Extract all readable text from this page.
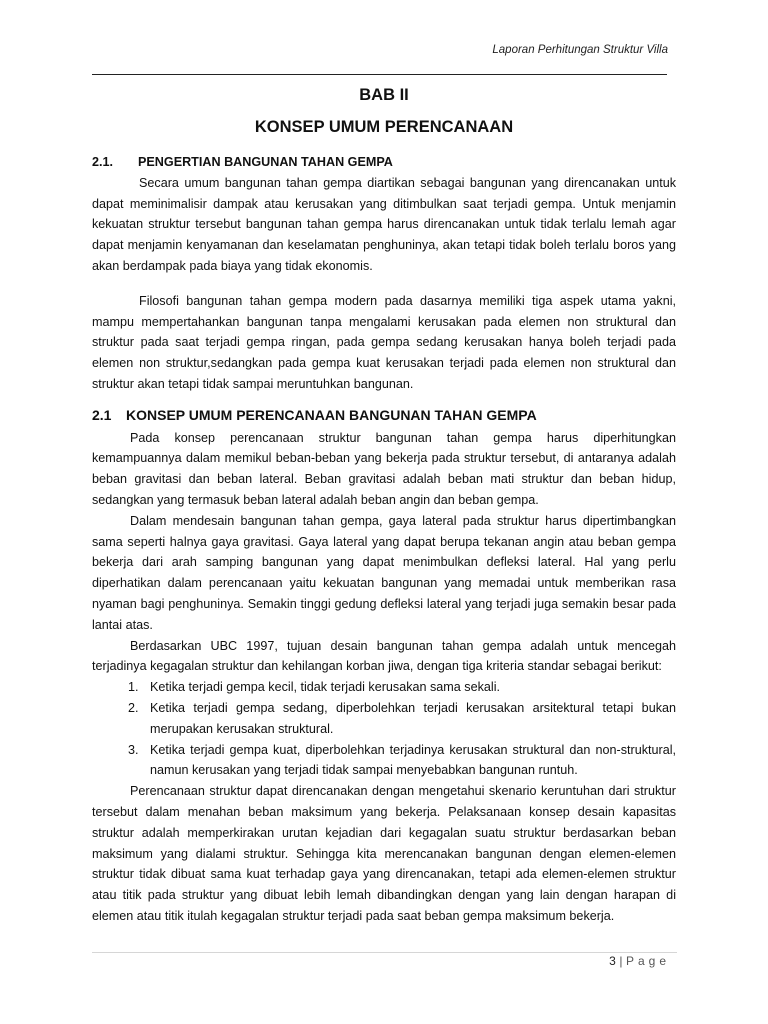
Laporan Perhitungan Struktur Villa
BAB II
KONSEP UMUM PERENCANAAN
2.1.	PENGERTIAN BANGUNAN TAHAN GEMPA

Secara umum bangunan tahan gempa diartikan sebagai bangunan yang direncanakan untuk dapat meminimalisir dampak atau kerusakan yang ditimbulkan saat terjadi gempa. Untuk menjamin kekuatan struktur tersebut bangunan tahan gempa harus direncanakan untuk tidak terlalu lemah agar dapat menjamin kenyamanan dan keselamatan penghuninya, akan tetapi tidak boleh terlalu boros yang akan berdampak pada biaya yang tidak ekonomis.

Filosofi bangunan tahan gempa modern pada dasarnya memiliki tiga aspek utama yakni, mampu mempertahankan bangunan tanpa mengalami kerusakan pada elemen non struktural dan struktur pada saat terjadi gempa ringan, pada gempa sedang kerusakan hanya boleh terjadi pada elemen non struktur,sedangkan pada gempa kuat kerusakan terjadi pada elemen non struktural dan struktur akan tetapi tidak sampai meruntuhkan bangunan.

2.1	KONSEP UMUM PERENCANAAN BANGUNAN TAHAN GEMPA

Pada konsep perencanaan struktur bangunan tahan gempa harus diperhitungkan kemampuannya dalam memikul beban-beban yang bekerja pada struktur tersebut, di antaranya adalah beban gravitasi dan beban lateral. Beban gravitasi adalah beban mati struktur dan beban hidup, sedangkan yang termasuk beban lateral adalah beban angin dan beban gempa.

Dalam mendesain bangunan tahan gempa, gaya lateral pada struktur harus dipertimbangkan sama seperti halnya gaya gravitasi. Gaya lateral yang dapat berupa tekanan angin atau beban gempa bekerja dari arah samping bangunan yang dapat menimbulkan defleksi lateral. Hal yang perlu diperhatikan dalam perencanaan yaitu kekuatan bangunan yang memadai untuk memberikan rasa nyaman bagi penghuninya. Semakin tinggi gedung defleksi lateral yang terjadi juga semakin besar pada lantai atas.

Berdasarkan UBC 1997, tujuan desain bangunan tahan gempa adalah untuk mencegah terjadinya kegagalan struktur dan kehilangan korban jiwa, dengan tiga kriteria standar sebagai berikut:

1. Ketika terjadi gempa kecil, tidak terjadi kerusakan sama sekali.
2. Ketika terjadi gempa sedang, diperbolehkan terjadi kerusakan arsitektural tetapi bukan merupakan kerusakan struktural.
3. Ketika terjadi gempa kuat, diperbolehkan terjadinya kerusakan struktural dan non-struktural, namun kerusakan yang terjadi tidak sampai menyebabkan bangunan runtuh.

Perencanaan struktur dapat direncanakan dengan mengetahui skenario keruntuhan dari struktur tersebut dalam menahan beban maksimum yang bekerja. Pelaksanaan konsep desain kapasitas struktur adalah memperkirakan urutan kejadian dari kegagalan suatu struktur berdasarkan beban maksimum yang dialami struktur. Sehingga kita merencanakan bangunan dengan elemen-elemen struktur tidak dibuat sama kuat terhadap gaya yang direncanakan, tetapi ada elemen-elemen struktur atau titik pada struktur yang dibuat lebih lemah dibandingkan dengan yang lain dengan harapan di elemen atau titik itulah kegagalan struktur terjadi pada saat beban gempa maksimum bekerja.

3 | Page
